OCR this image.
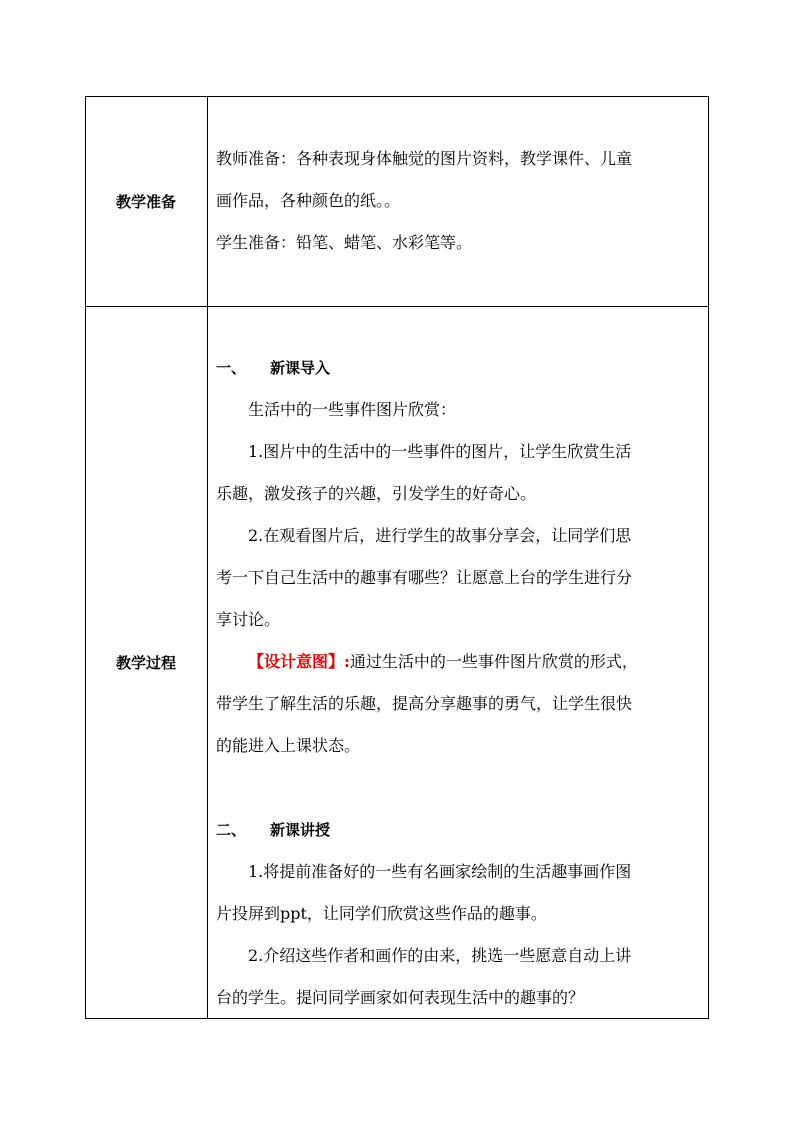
教学准备

教师准备：各种表现身体触觉的图片资料，教学课件、儿童

画作品，各种颜色的纸。。

学生准备：铅笔、蜡笔、水彩笔等。

教学过程

一、 新课导入

生活中的一些事件图片欣赏：

1.图片中的生活中的一些事件的图片，让学生欣赏生活

乐趣，激发孩子的兴趣，引发学生的好奇心。

2.在观看图片后，进行学生的故事分享会，让同学们思

考一下自己生活中的趣事有哪些？让愿意上台的学生进行分

享讨论。

【设计意图】:通过生活中的一些事件图片欣赏的形式，

带学生了解生活的乐趣，提高分享趣事的勇气，让学生很快

的能进入上课状态。

二、 新课讲授

1.将提前准备好的一些有名画家绘制的生活趣事画作图

片投屏到ppt，让同学们欣赏这些作品的趣事。

2.介绍这些作者和画作的由来，挑选一些愿意自动上讲

台的学生。提问同学画家如何表现生活中的趣事的？
